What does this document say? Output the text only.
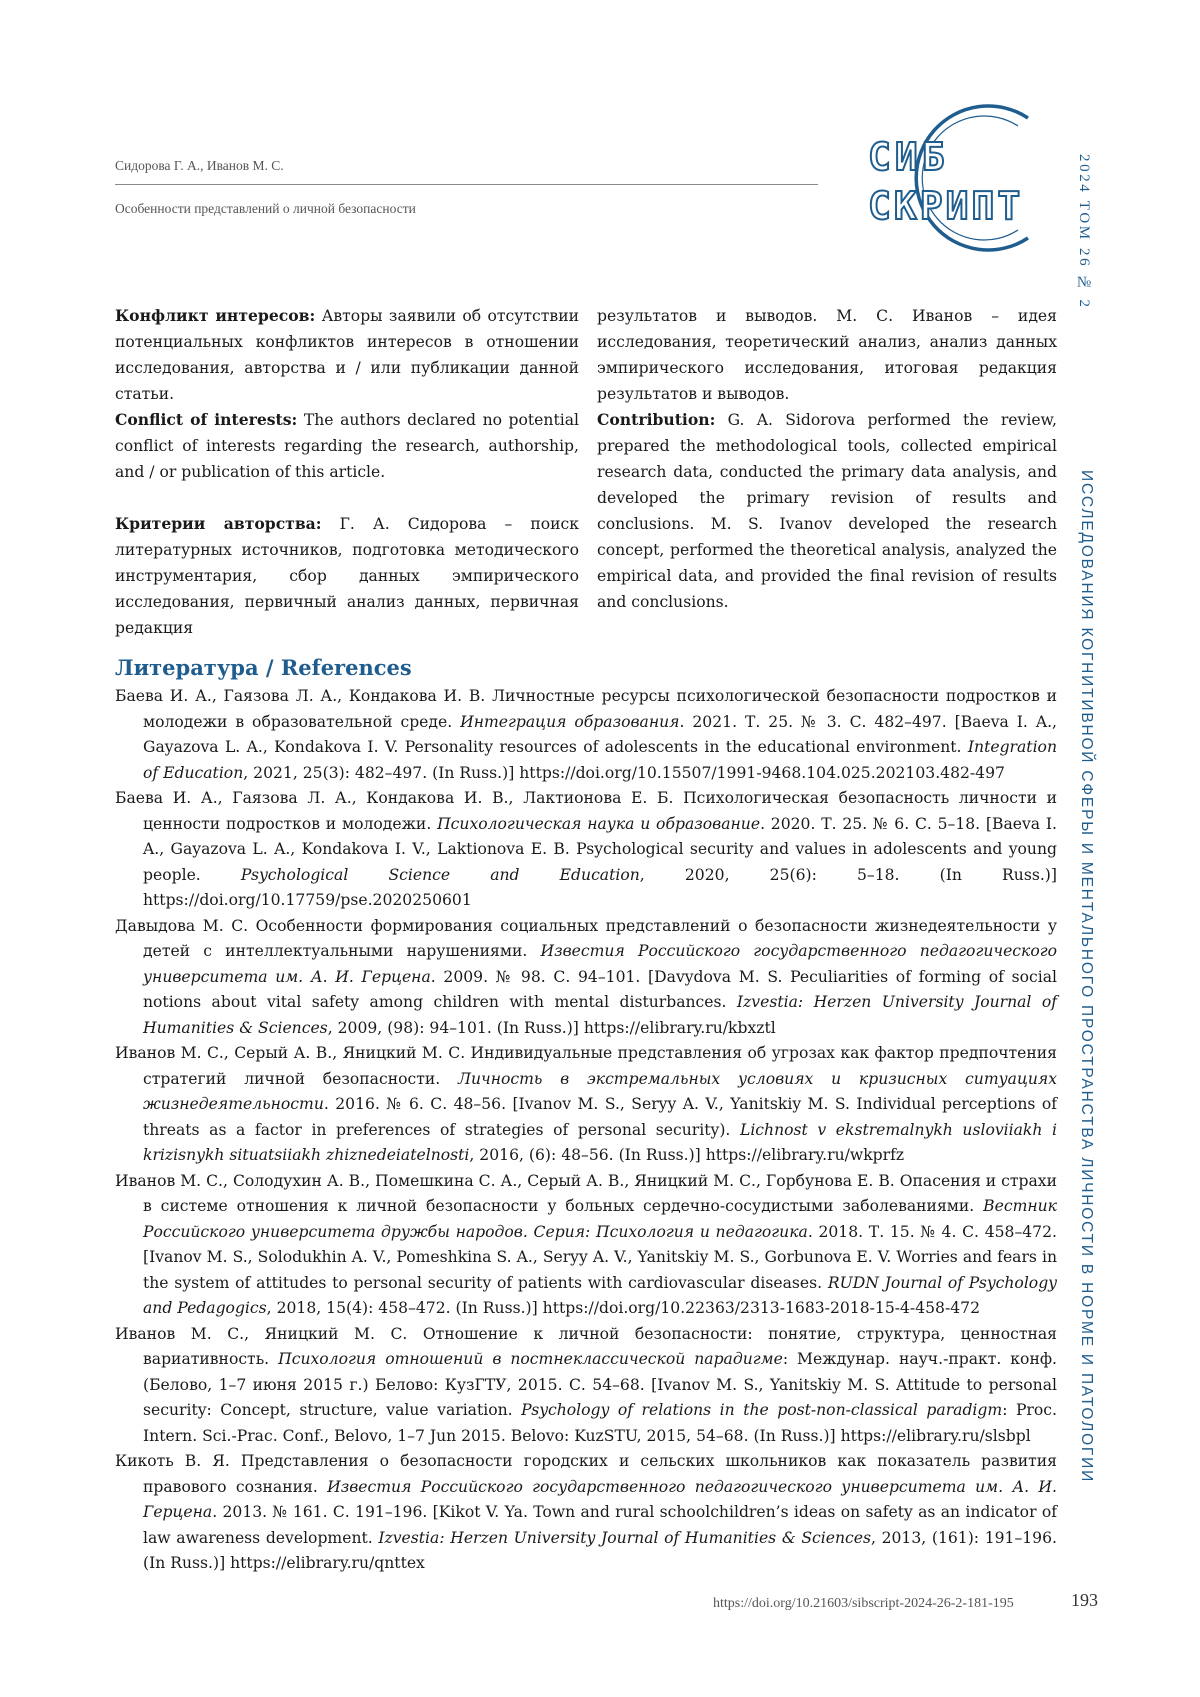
Сидорова Г. А., Иванов М. С.
Особенности представлений о личной безопасности
СИБ
СКРИПТ	2024 ТОМ 26 № 2
ИССЛЕДОВАНИЯ КОГНИТИВНОЙ СФЕРЫ И МЕНТАЛЬНОГО ПРОСТРАНСТВА ЛИЧНОСТИ В НОРМЕ И ПАТОЛОГИИ

Конфликт интересов: Авторы заявили об отсутствии потенциальных конфликтов интересов в отношении исследования, авторства и / или публикации данной статьи.

Conflict of interests: The authors declared no potential conflict of interests regarding the research, authorship, and / or publication of this article.

Критерии авторства: Г. А. Сидорова – поиск литературных источников, подготовка методического инструментария, сбор данных эмпирического исследования, первичный анализ данных, первичная редакция

результатов и выводов. М. С. Иванов – идея исследования, теоретический анализ, анализ данных эмпирического исследования, итоговая редакция результатов и выводов.

Contribution: G. A. Sidorova performed the review, prepared the methodological tools, collected empirical research data, conducted the primary data analysis, and developed the primary revision of results and conclusions. M. S. Ivanov developed the research concept, performed the theoretical analysis, analyzed the empirical data, and provided the final revision of results and conclusions.

Литература / References

Баева И. А., Гаязова Л. А., Кондакова И. В. Личностные ресурсы психологической безопасности подростков и молодежи в образовательной среде. Интеграция образования. 2021. Т. 25. № 3. С. 482–497. [Baeva I. A., Gayazova L. A., Kondakova I. V. Personality resources of adolescents in the educational environment. Integration of Education, 2021, 25(3): 482–497. (In Russ.)] https://doi.org/10.15507/1991-9468.104.025.202103.482-497

Баева И. А., Гаязова Л. А., Кондакова И. В., Лактионова Е. Б. Психологическая безопасность личности и ценности подростков и молодежи. Психологическая наука и образование. 2020. Т. 25. № 6. С. 5–18. [Baeva I. A., Gayazova L. A., Kondakova I. V., Laktionova E. B. Psychological security and values in adolescents and young people. Psychological Science and Education, 2020, 25(6): 5–18. (In Russ.)] https://doi.org/10.17759/pse.2020250601

Давыдова М. С. Особенности формирования социальных представлений о безопасности жизнедеятельности у детей с интеллектуальными нарушениями. Известия Российского государственного педагогического университета им. А. И. Герцена. 2009. № 98. С. 94–101. [Davydova M. S. Peculiarities of forming of social notions about vital safety among children with mental disturbances. Izvestia: Herzen University Journal of Humanities & Sciences, 2009, (98): 94–101. (In Russ.)] https://elibrary.ru/kbxztl

Иванов М. С., Серый А. В., Яницкий М. С. Индивидуальные представления об угрозах как фактор предпочтения стратегий личной безопасности. Личность в экстремальных условиях и кризисных ситуациях жизнедеятельности. 2016. № 6. С. 48–56. [Ivanov M. S., Seryy A. V., Yanitskiy M. S. Individual perceptions of threats as a factor in preferences of strategies of personal security). Lichnost v ekstremalnykh usloviiakh i krizisnykh situatsiiakh zhiznedeiatelnosti, 2016, (6): 48–56. (In Russ.)] https://elibrary.ru/wkprfz

Иванов М. С., Солодухин А. В., Помешкина С. А., Серый А. В., Яницкий М. С., Горбунова Е. В. Опасения и страхи в системе отношения к личной безопасности у больных сердечно-сосудистыми заболеваниями. Вестник Российского университета дружбы народов. Серия: Психология и педагогика. 2018. Т. 15. № 4. С. 458–472. [Ivanov M. S., Solodukhin A. V., Pomeshkina S. A., Seryy A. V., Yanitskiy M. S., Gorbunova E. V. Worries and fears in the system of attitudes to personal security of patients with cardiovascular diseases. RUDN Journal of Psychology and Pedagogics, 2018, 15(4): 458–472. (In Russ.)] https://doi.org/10.22363/2313-1683-2018-15-4-458-472

Иванов М. С., Яницкий М. С. Отношение к личной безопасности: понятие, структура, ценностная вариативность. Психология отношений в постнеклассической парадигме: Междунар. науч.-практ. конф. (Белово, 1–7 июня 2015 г.) Белово: КузГТУ, 2015. С. 54–68. [Ivanov M. S., Yanitskiy M. S. Attitude to personal security: Concept, structure, value variation. Psychology of relations in the post-non-classical paradigm: Proc. Intern. Sci.-Prac. Conf., Belovo, 1–7 Jun 2015. Belovo: KuzSTU, 2015, 54–68. (In Russ.)] https://elibrary.ru/slsbpl

Кикоть В. Я. Представления о безопасности городских и сельских школьников как показатель развития правового сознания. Известия Российского государственного педагогического университета им. А. И. Герцена. 2013. № 161. С. 191–196. [Kikot V. Ya. Town and rural schoolchildren’s ideas on safety as an indicator of law awareness development. Izvestia: Herzen University Journal of Humanities & Sciences, 2013, (161): 191–196. (In Russ.)] https://elibrary.ru/qnttex

https://doi.org/10.21603/sibscript-2024-26-2-181-195	193
